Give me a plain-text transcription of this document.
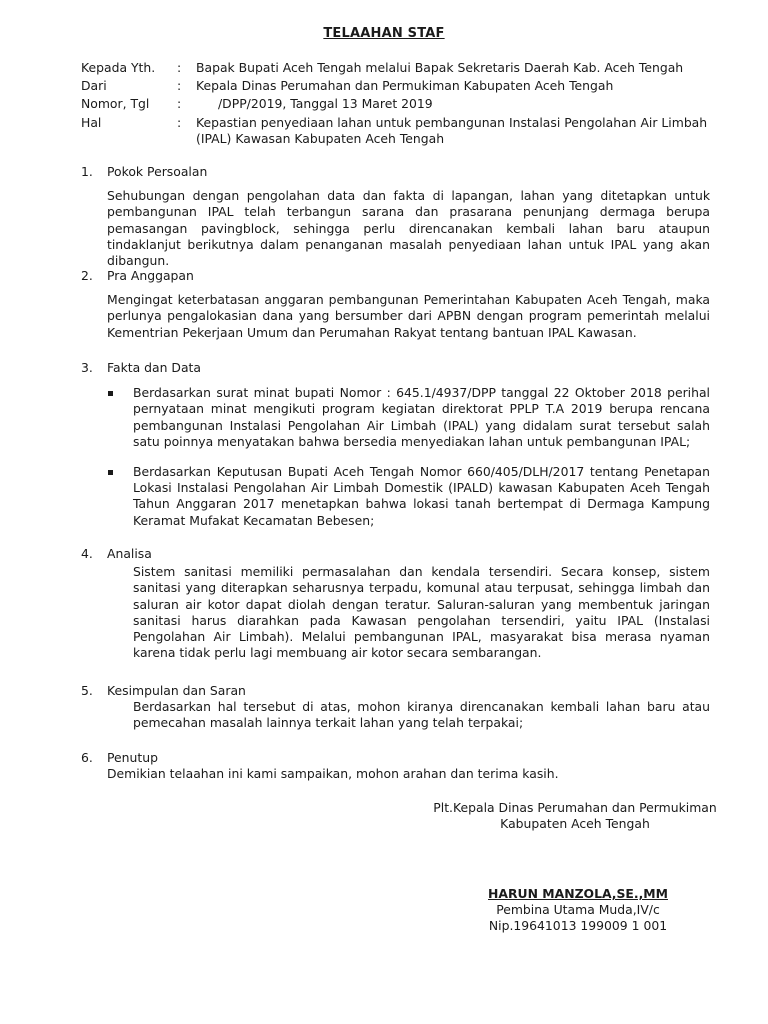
TELAAHAN STAF
Kepada Yth.	:	Bapak Bupati Aceh Tengah melalui Bapak Sekretaris Daerah Kab. Aceh Tengah
Dari	:	Kepala Dinas Perumahan dan Permukiman Kabupaten Aceh Tengah
Nomor, Tgl	:	/DPP/2019, Tanggal 13 Maret 2019
Hal	:	Kepastian penyediaan lahan untuk pembangunan Instalasi Pengolahan Air Limbah (IPAL) Kawasan Kabupaten Aceh Tengah
1.	Pokok Persoalan
Sehubungan dengan pengolahan data dan fakta di lapangan, lahan yang ditetapkan untuk pembangunan IPAL telah terbangun sarana dan prasarana penunjang dermaga berupa pemasangan pavingblock, sehingga perlu direncanakan kembali lahan baru ataupun tindaklanjut berikutnya dalam penanganan masalah penyediaan lahan untuk IPAL yang akan dibangun.
2.	Pra Anggapan
Mengingat keterbatasan anggaran pembangunan Pemerintahan Kabupaten Aceh Tengah, maka perlunya pengalokasian dana yang bersumber dari APBN dengan program pemerintah melalui Kementrian Pekerjaan Umum dan Perumahan Rakyat tentang bantuan IPAL Kawasan.
3.	Fakta dan Data
Berdasarkan surat minat bupati Nomor : 645.1/4937/DPP tanggal 22 Oktober 2018 perihal pernyataan minat mengikuti program kegiatan direktorat PPLP T.A 2019 berupa rencana pembangunan Instalasi Pengolahan Air Limbah (IPAL) yang didalam surat tersebut salah satu poinnya menyatakan bahwa bersedia menyediakan lahan untuk pembangunan IPAL;
Berdasarkan Keputusan Bupati Aceh Tengah Nomor 660/405/DLH/2017 tentang Penetapan Lokasi Instalasi Pengolahan Air Limbah Domestik (IPALD) kawasan Kabupaten Aceh Tengah Tahun Anggaran 2017 menetapkan bahwa lokasi tanah bertempat di Dermaga Kampung Keramat Mufakat Kecamatan Bebesen;
4.	Analisa
Sistem sanitasi memiliki permasalahan dan kendala tersendiri. Secara konsep, sistem sanitasi yang diterapkan seharusnya terpadu, komunal atau terpusat, sehingga limbah dan saluran air kotor dapat diolah dengan teratur. Saluran-saluran yang membentuk jaringan sanitasi harus diarahkan pada Kawasan pengolahan tersendiri, yaitu IPAL (Instalasi Pengolahan Air Limbah). Melalui pembangunan IPAL, masyarakat bisa merasa nyaman karena tidak perlu lagi membuang air kotor secara sembarangan.
5.	Kesimpulan dan Saran
Berdasarkan hal tersebut di atas, mohon kiranya direncanakan kembali lahan baru atau pemecahan masalah lainnya terkait lahan yang telah terpakai;
6.	Penutup
Demikian telaahan ini kami sampaikan, mohon arahan dan terima kasih.
Plt.Kepala Dinas Perumahan dan Permukiman
Kabupaten Aceh Tengah
HARUN MANZOLA,SE.,MM
Pembina Utama Muda,IV/c
Nip.19641013 199009 1 001
